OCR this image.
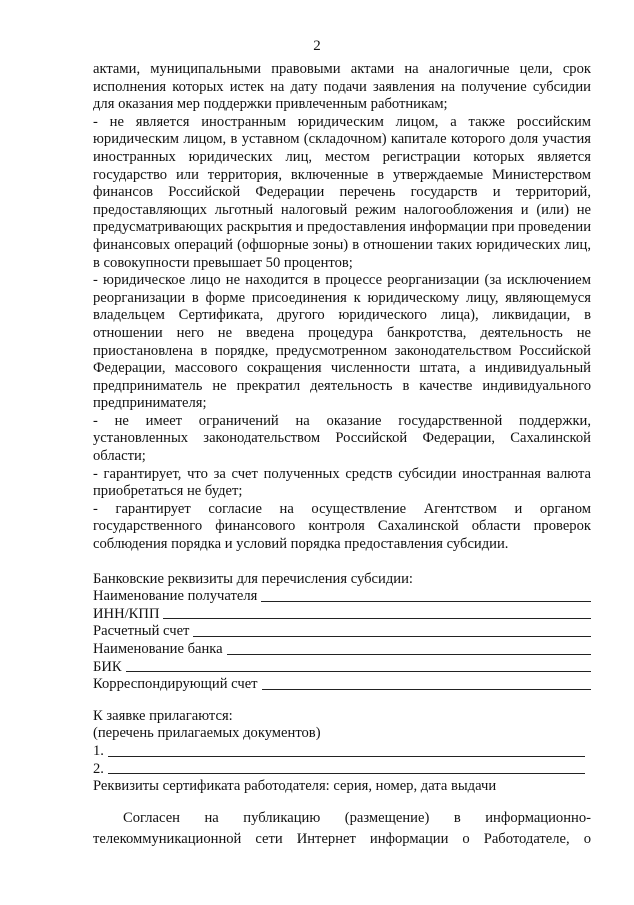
2

актами, муниципальными правовыми актами на аналогичные цели, срок исполнения которых истек на дату подачи заявления на получение субсидии для оказания мер поддержки привлеченным работникам;

- не является иностранным юридическим лицом, а также российским юридическим лицом, в уставном (складочном) капитале которого доля участия иностранных юридических лиц, местом регистрации которых является государство или территория, включенные в утверждаемые Министерством финансов Российской Федерации перечень государств и территорий, предоставляющих льготный налоговый режим налогообложения и (или) не предусматривающих раскрытия и предоставления информации при проведении финансовых операций (офшорные зоны) в отношении таких юридических лиц, в совокупности превышает 50 процентов;

- юридическое лицо не находится в процессе реорганизации (за исключением реорганизации в форме присоединения к юридическому лицу, являющемуся владельцем Сертификата, другого юридического лица), ликвидации, в отношении него не введена процедура банкротства, деятельность не приостановлена в порядке, предусмотренном законодательством Российской Федерации, массового сокращения численности штата, а индивидуальный предприниматель не прекратил деятельность в качестве индивидуального предпринимателя;

- не имеет ограничений на оказание государственной поддержки, установленных законодательством Российской Федерации, Сахалинской области;

- гарантирует, что за счет полученных средств субсидии иностранная валюта приобретаться не будет;

- гарантирует согласие на осуществление Агентством и органом государственного финансового контроля Сахалинской области проверок соблюдения порядка и условий порядка предоставления субсидии.

Банковские реквизиты для перечисления субсидии:

Наименование получателя
ИНН/КПП
Расчетный счет
Наименование банка
БИК
Корреспондирующий счет

К заявке прилагаются:

(перечень прилагаемых документов)

1.
2.

Реквизиты сертификата работодателя: серия, номер, дата выдачи

Согласен на публикацию (размещение) в информационно-

телекоммуникационной сети Интернет информации о Работодателе, о
